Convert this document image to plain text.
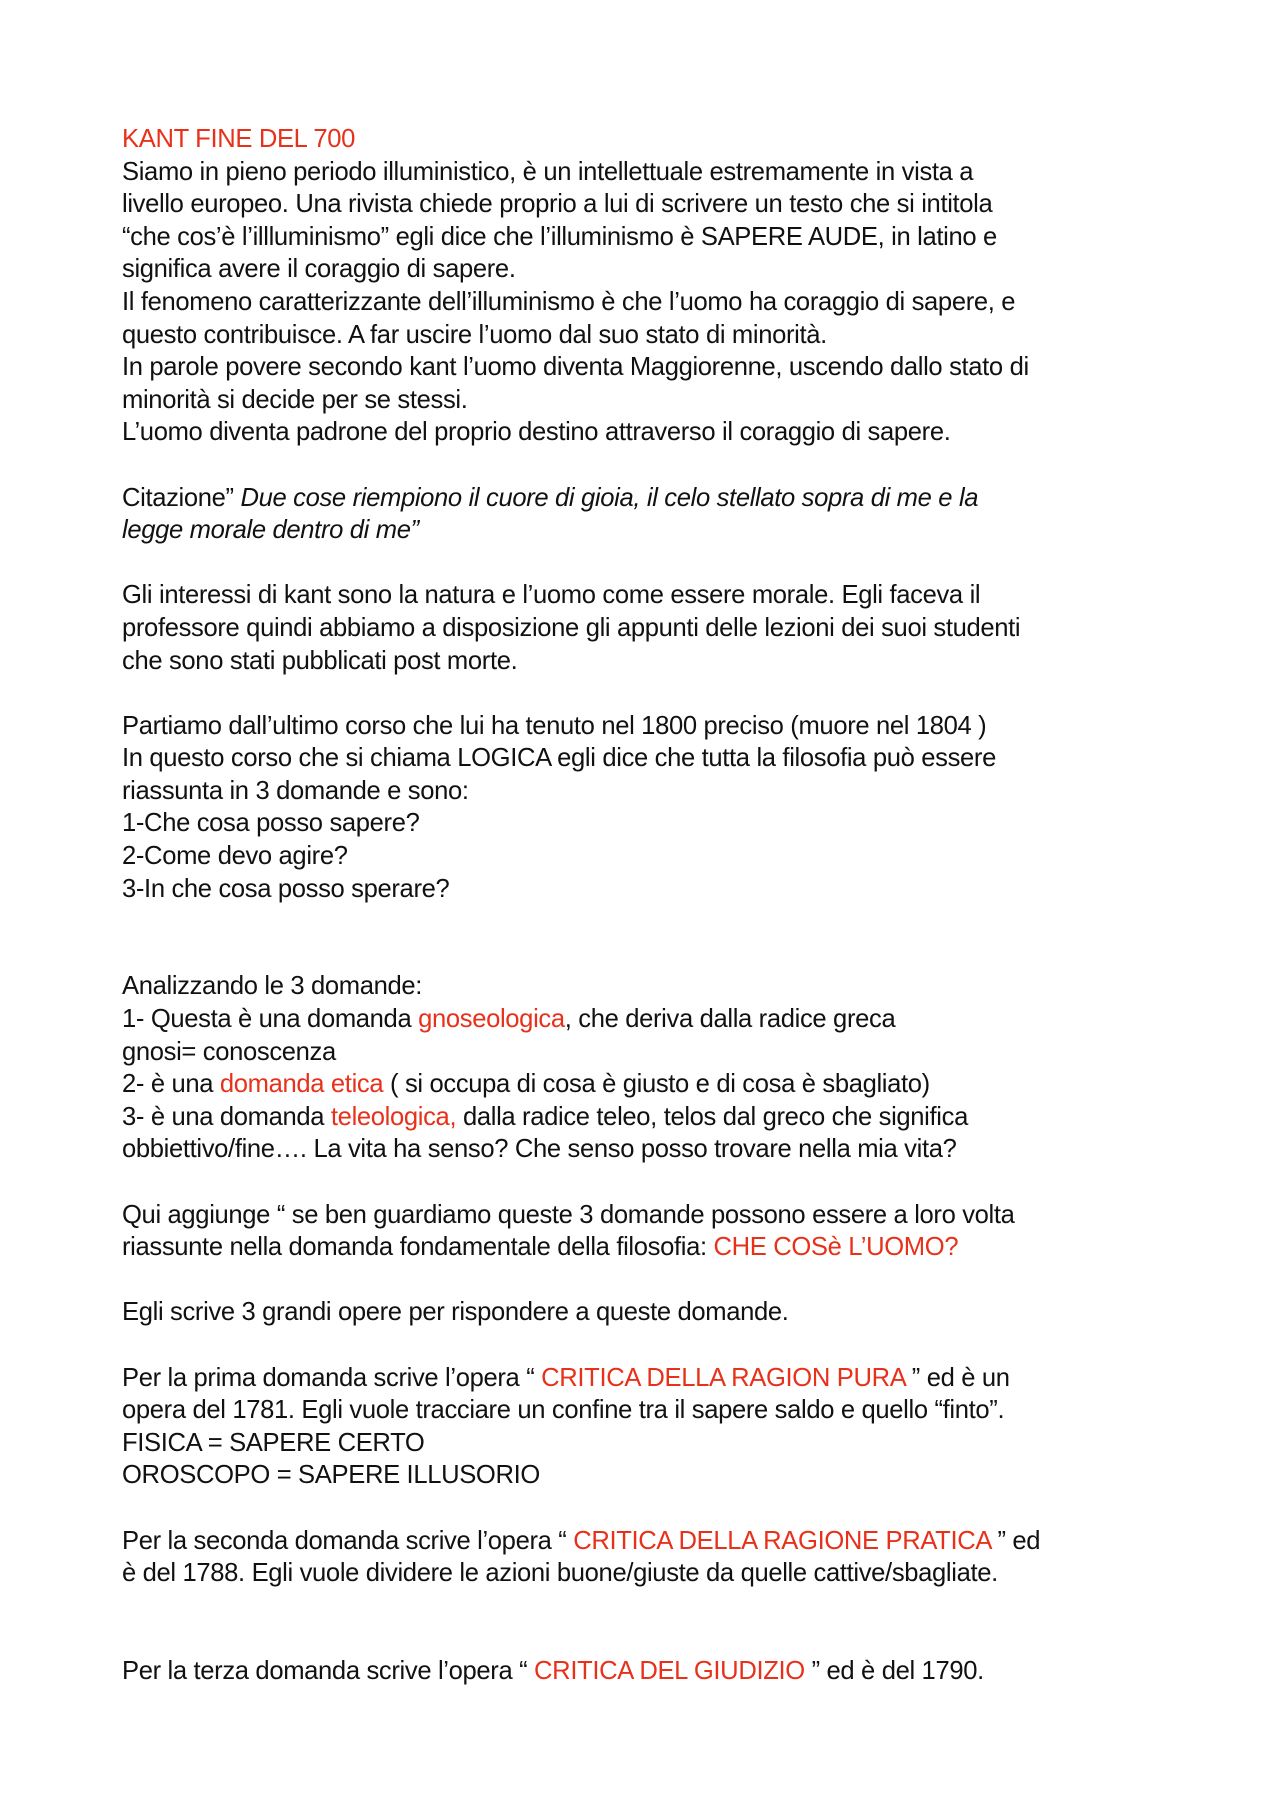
KANT FINE DEL 700
Siamo in pieno periodo illuministico, è un intellettuale estremamente in vista a
livello europeo. Una rivista chiede proprio a lui di scrivere un testo che si intitola
“che cos’è l’illluminismo” egli dice che l’illuminismo è SAPERE AUDE, in latino e
significa avere il coraggio di sapere.
Il fenomeno caratterizzante dell’illuminismo è che l’uomo ha coraggio di sapere, e
questo contribuisce. A far uscire l’uomo dal suo stato di minorità.
In parole povere secondo kant l’uomo diventa Maggiorenne, uscendo dallo stato di
minorità si decide per se stessi.
L’uomo diventa padrone del proprio destino attraverso il coraggio di sapere.
Citazione” Due cose riempiono il cuore di gioia, il celo stellato sopra di me e la
legge morale dentro di me”
Gli interessi di kant sono la natura e l’uomo come essere morale. Egli faceva il
professore quindi abbiamo a disposizione gli appunti delle lezioni dei suoi studenti
che sono stati pubblicati post morte.
Partiamo dall’ultimo corso che lui ha tenuto nel 1800 preciso (muore nel 1804 )
In questo corso che si chiama LOGICA egli dice che tutta la filosofia può essere
riassunta in 3 domande e sono:
1-Che cosa posso sapere?
2-Come devo agire?
3-In che cosa posso sperare?
Analizzando le 3 domande:
1- Questa è una domanda gnoseologica, che deriva dalla radice greca
gnosi= conoscenza
2- è una domanda etica ( si occupa di cosa è giusto e di cosa è sbagliato)
3- è una domanda teleologica, dalla radice teleo, telos dal greco che significa
obbiettivo/fine…. La vita ha senso? Che senso posso trovare nella mia vita?
Qui aggiunge “ se ben guardiamo queste 3 domande possono essere a loro volta
riassunte nella domanda fondamentale della filosofia: CHE COSè L’UOMO?
Egli scrive 3 grandi opere per rispondere a queste domande.
Per la prima domanda scrive l’opera “ CRITICA DELLA RAGION PURA ” ed è un
opera del 1781. Egli vuole tracciare un confine tra il sapere saldo e quello “finto”.
FISICA = SAPERE CERTO
OROSCOPO = SAPERE ILLUSORIO
Per la seconda domanda scrive l’opera “ CRITICA DELLA RAGIONE PRATICA ” ed
è del 1788. Egli vuole dividere le azioni buone/giuste da quelle cattive/sbagliate.
Per la terza domanda scrive l’opera “ CRITICA DEL GIUDIZIO ” ed è del 1790.
